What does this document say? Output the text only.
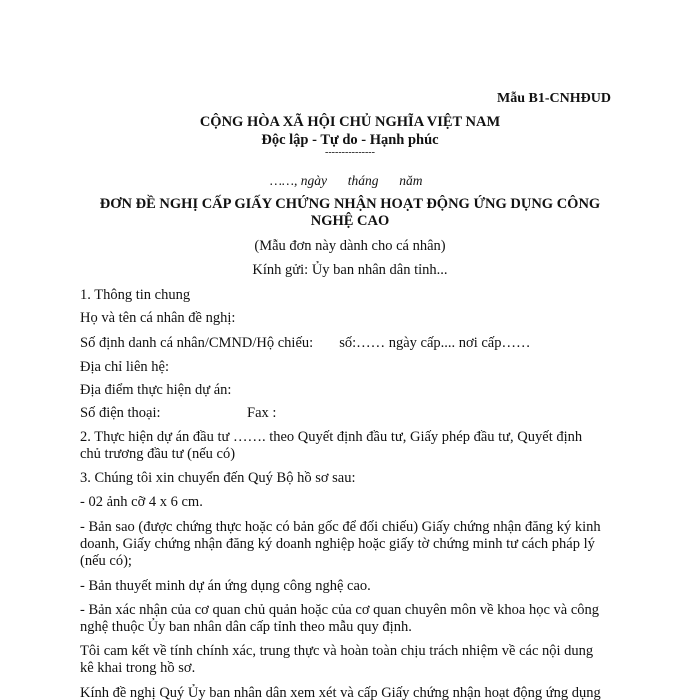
Mẫu B1-CNHĐUD
CỘNG HÒA XÃ HỘI CHỦ NGHĨA VIỆT NAM
Độc lập - Tự do - Hạnh phúc
---------------
……, ngày tháng năm
ĐƠN ĐỀ NGHỊ CẤP GIẤY CHỨNG NHẬN HOẠT ĐỘNG ỨNG DỤNG CÔNG
NGHỆ CAO
(Mẫu đơn này dành cho cá nhân)
Kính gửi: Ủy ban nhân dân tỉnh...
1. Thông tin chung
Họ và tên cá nhân đề nghị:
Số định danh cá nhân/CMND/Hộ chiếu: số:…… ngày cấp.... nơi cấp……
Địa chỉ liên hệ:
Địa điểm thực hiện dự án:
Số điện thoại:	Fax :
2. Thực hiện dự án đầu tư ……. theo Quyết định đầu tư, Giấy phép đầu tư, Quyết định
chủ trương đầu tư (nếu có)
3. Chúng tôi xin chuyển đến Quý Bộ hồ sơ sau:
- 02 ảnh cỡ 4 x 6 cm.
- Bản sao (được chứng thực hoặc có bản gốc để đối chiếu) Giấy chứng nhận đăng ký kinh
doanh, Giấy chứng nhận đăng ký doanh nghiệp hoặc giấy tờ chứng minh tư cách pháp lý
(nếu có);
- Bản thuyết minh dự án ứng dụng công nghệ cao.
- Bản xác nhận của cơ quan chủ quản hoặc của cơ quan chuyên môn về khoa học và công
nghệ thuộc Ủy ban nhân dân cấp tỉnh theo mẫu quy định.
Tôi cam kết về tính chính xác, trung thực và hoàn toàn chịu trách nhiệm về các nội dung
kê khai trong hồ sơ.
Kính đề nghị Quý Ủy ban nhân dân xem xét và cấp Giấy chứng nhận hoạt động ứng dụng
